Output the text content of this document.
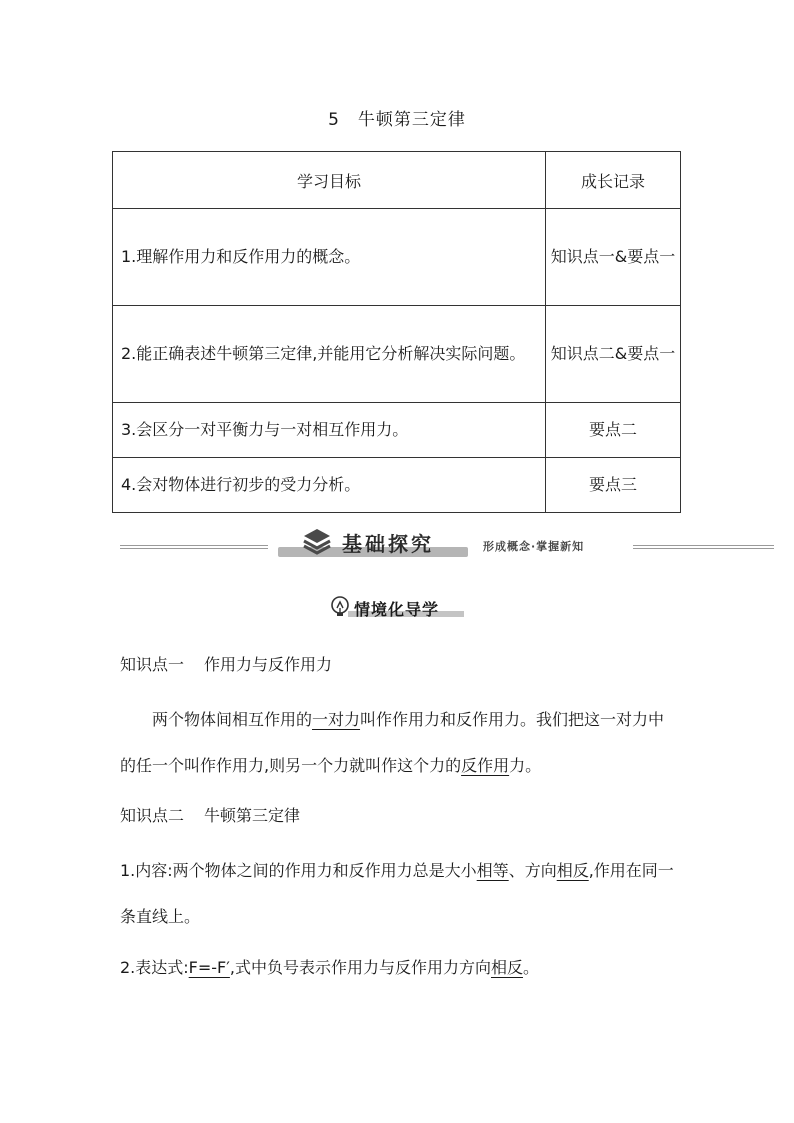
5 牛顿第三定律
学习目标	成长记录
1.理解作用力和反作用力的概念。	知识点一&要点一
2.能正确表述牛顿第三定律,并能用它分析解决实际问题。	知识点二&要点一
3.会区分一对平衡力与一对相互作用力。	要点二
4.会对物体进行初步的受力分析。	要点三
基础探究	形成概念·掌握新知
情境化导学
知识点一 作用力与反作用力
两个物体间相互作用的一对力叫作作用力和反作用力。我们把这一对力中的任一个叫作作用力,则另一个力就叫作这个力的反作用力。
知识点二 牛顿第三定律
1.内容:两个物体之间的作用力和反作用力总是大小相等、方向相反,作用在同一条直线上。
2.表达式:F=-F′,式中负号表示作用力与反作用力方向相反。
